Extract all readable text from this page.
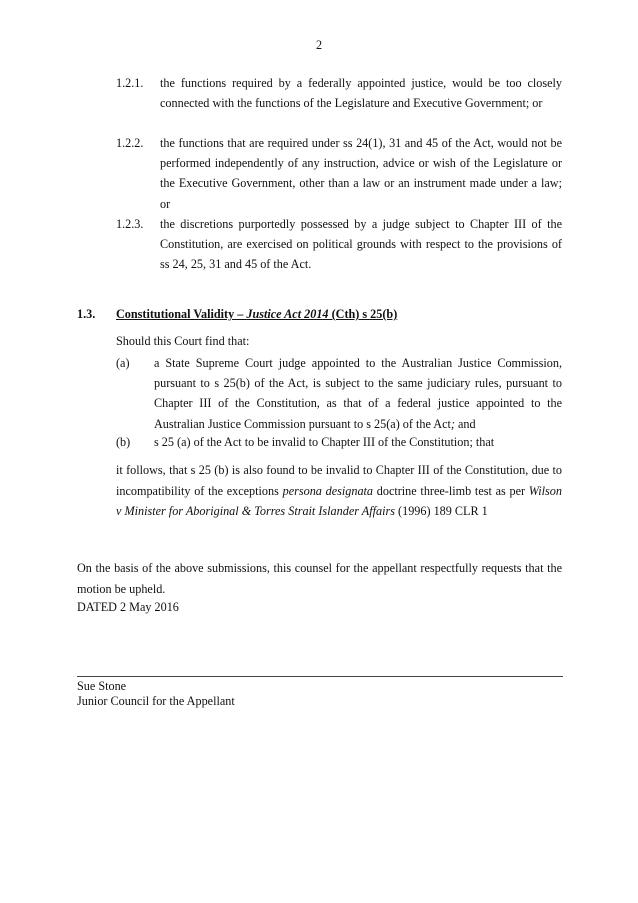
2
1.2.1. the functions required by a federally appointed justice, would be too closely connected with the functions of the Legislature and Executive Government; or
1.2.2. the functions that are required under ss 24(1), 31 and 45 of the Act, would not be performed independently of any instruction, advice or wish of the Legislature or the Executive Government, other than a law or an instrument made under a law; or
1.2.3. the discretions purportedly possessed by a judge subject to Chapter III of the Constitution, are exercised on political grounds with respect to the provisions of ss 24, 25, 31 and 45 of the Act.
1.3. Constitutional Validity – Justice Act 2014 (Cth) s 25(b)
Should this Court find that:
(a) a State Supreme Court judge appointed to the Australian Justice Commission, pursuant to s 25(b) of the Act, is subject to the same judiciary rules, pursuant to Chapter III of the Constitution, as that of a federal justice appointed to the Australian Justice Commission pursuant to s 25(a) of the Act; and
(b) s 25 (a) of the Act to be invalid to Chapter III of the Constitution; that
it follows, that s 25 (b) is also found to be invalid to Chapter III of the Constitution, due to incompatibility of the exceptions persona designata doctrine three-limb test as per Wilson v Minister for Aboriginal & Torres Strait Islander Affairs (1996) 189 CLR 1
On the basis of the above submissions, this counsel for the appellant respectfully requests that the motion be upheld.
DATED 2 May 2016
Sue Stone
Junior Council for the Appellant
